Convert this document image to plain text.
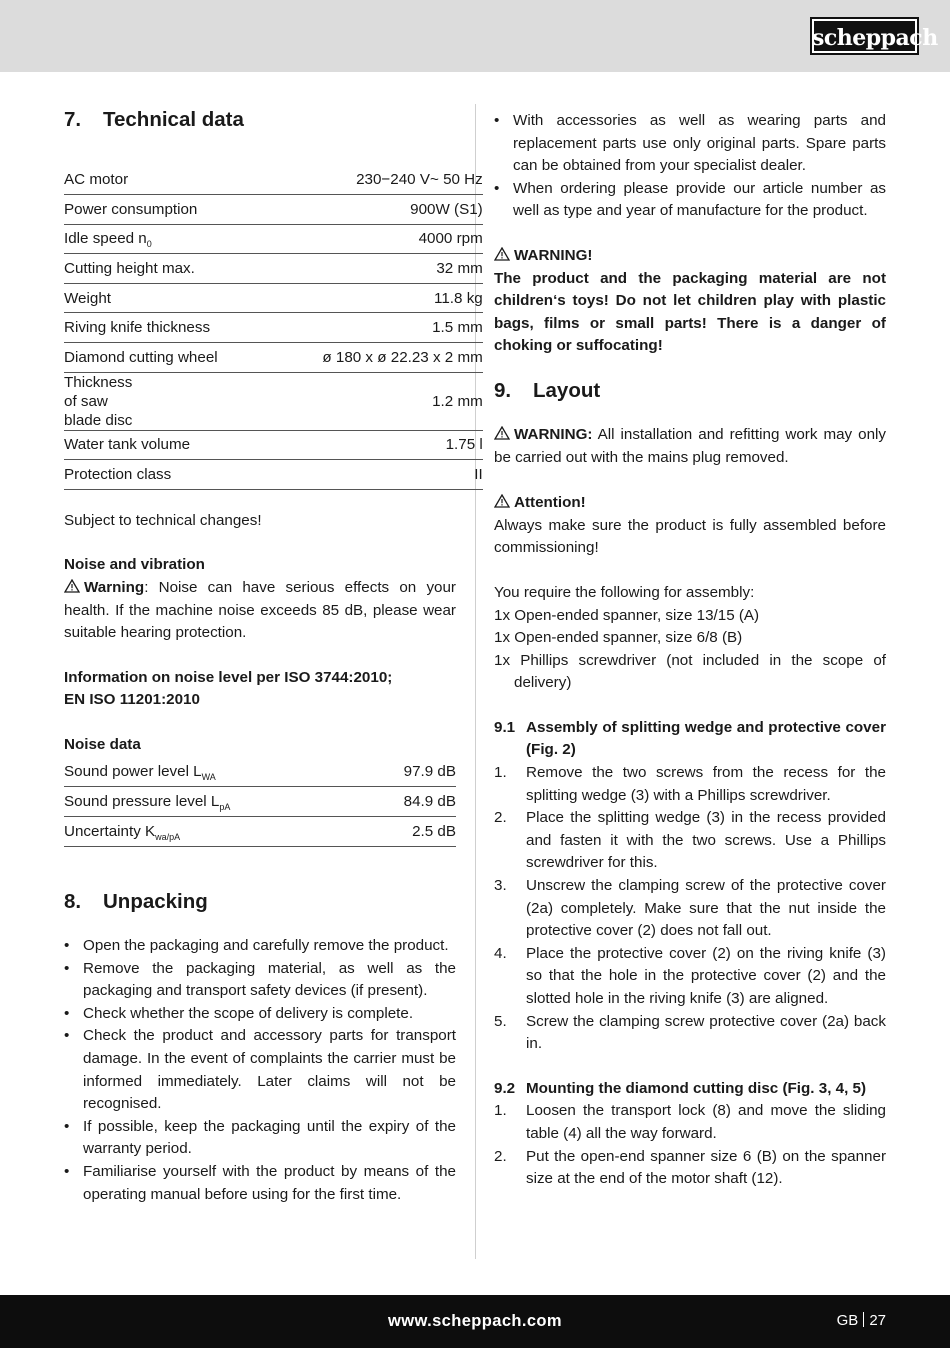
scheppach
7.	Technical data
AC motor	230−240 V~ 50 Hz
Power consumption	900W (S1)
Idle speed $n_0$	4000 rpm
Cutting height max.	32 mm
Weight	11.8 kg
Riving knife thickness	1.5 mm
Diamond cutting wheel	ø 180 x ø 22.23 x 2 mm
Thickness of saw blade disc	1.2 mm
Water tank volume	1.75 l
Protection class	II
Subject to technical changes!
Noise and vibration
Warning: Noise can have serious effects on your health. If the machine noise exceeds 85 dB, please wear suitable hearing protection.
Information on noise level per ISO 3744:2010;
EN ISO 11201:2010
Noise data
Sound power level $L_{WA}$	97.9 dB
Sound pressure level $L_{pA}$	84.9 dB
Uncertainty $K_{wa/pA}$	2.5 dB
8.	Unpacking
• Open the packaging and carefully remove the product.
• Remove the packaging material, as well as the packaging and transport safety devices (if present).
• Check whether the scope of delivery is complete.
• Check the product and accessory parts for transport damage. In the event of complaints the carrier must be informed immediately. Later claims will not be recognised.
• If possible, keep the packaging until the expiry of the warranty period.
• Familiarise yourself with the product by means of the operating manual before using for the first time.
• With accessories as well as wearing parts and replacement parts use only original parts. Spare parts can be obtained from your specialist dealer.
• When ordering please provide our article number as well as type and year of manufacture for the product.
WARNING!
The product and the packaging material are not children‘s toys! Do not let children play with plastic bags, films or small parts! There is a danger of choking or suffocating!
9.	Layout
WARNING: All installation and refitting work may only be carried out with the mains plug removed.
Attention!
Always make sure the product is fully assembled before commissioning!
You require the following for assembly:
1x Open-ended spanner, size 13/15 (A)
1x Open-ended spanner, size 6/8 (B)
1x Phillips screwdriver (not included in the scope of delivery)
9.1 Assembly of splitting wedge and protective cover (Fig. 2)
1. Remove the two screws from the recess for the splitting wedge (3) with a Phillips screwdriver.
2. Place the splitting wedge (3) in the recess provided and fasten it with the two screws. Use a Phillips screwdriver for this.
3. Unscrew the clamping screw of the protective cover (2a) completely. Make sure that the nut inside the protective cover (2) does not fall out.
4. Place the protective cover (2) on the riving knife (3) so that the hole in the protective cover (2) and the slotted hole in the riving knife (3) are aligned.
5. Screw the clamping screw protective cover (2a) back in.
9.2 Mounting the diamond cutting disc (Fig. 3, 4, 5)
1. Loosen the transport lock (8) and move the sliding table (4) all the way forward.
2. Put the open-end spanner size 6 (B) on the spanner size at the end of the motor shaft (12).
www.scheppach.com	GB 27
